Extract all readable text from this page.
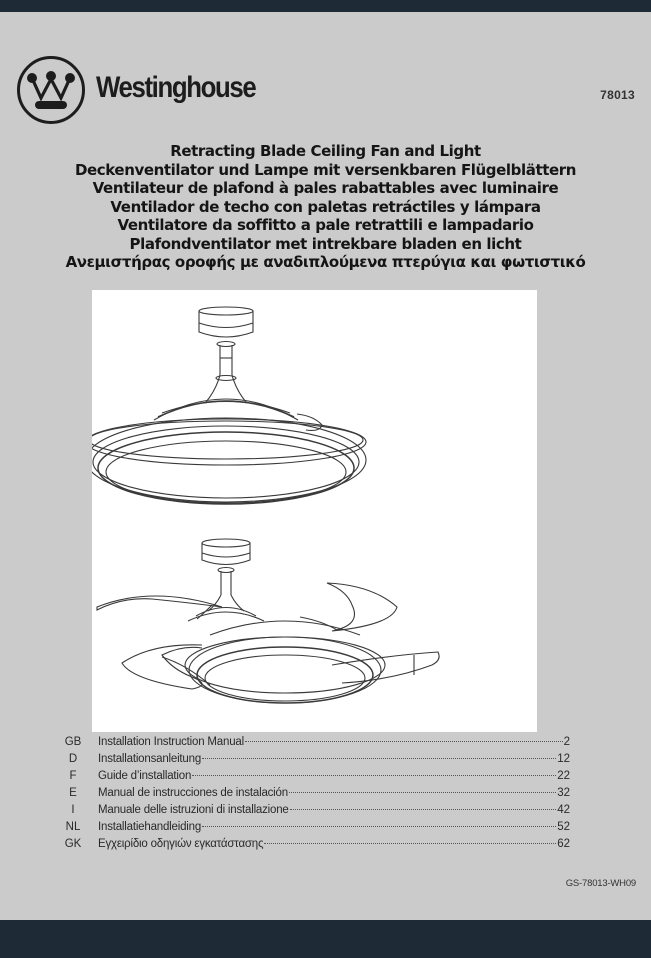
Westinghouse	78013
Retracting Blade Ceiling Fan and Light
Deckenventilator und Lampe mit versenkbaren Flügelblättern
Ventilateur de plafond à pales rabattables avec luminaire
Ventilador de techo con paletas retráctiles y lámpara
Ventilatore da soffitto a pale retrattili e lampadario
Plafondventilator met intrekbare bladen en licht
Ανεμιστήρας οροφής με αναδιπλούμενα πτερύγια και φωτιστικό
GB	Installation Instruction Manual	2
D	Installationsanleitung	12
F	Guide d’installation	22
E	Manual de instrucciones de instalación	32
I	Manuale delle istruzioni di installazione	42
NL	Installatiehandleiding	52
GK	Εγχειρίδιο οδηγιών εγκατάστασης	62
GS-78013-WH09
